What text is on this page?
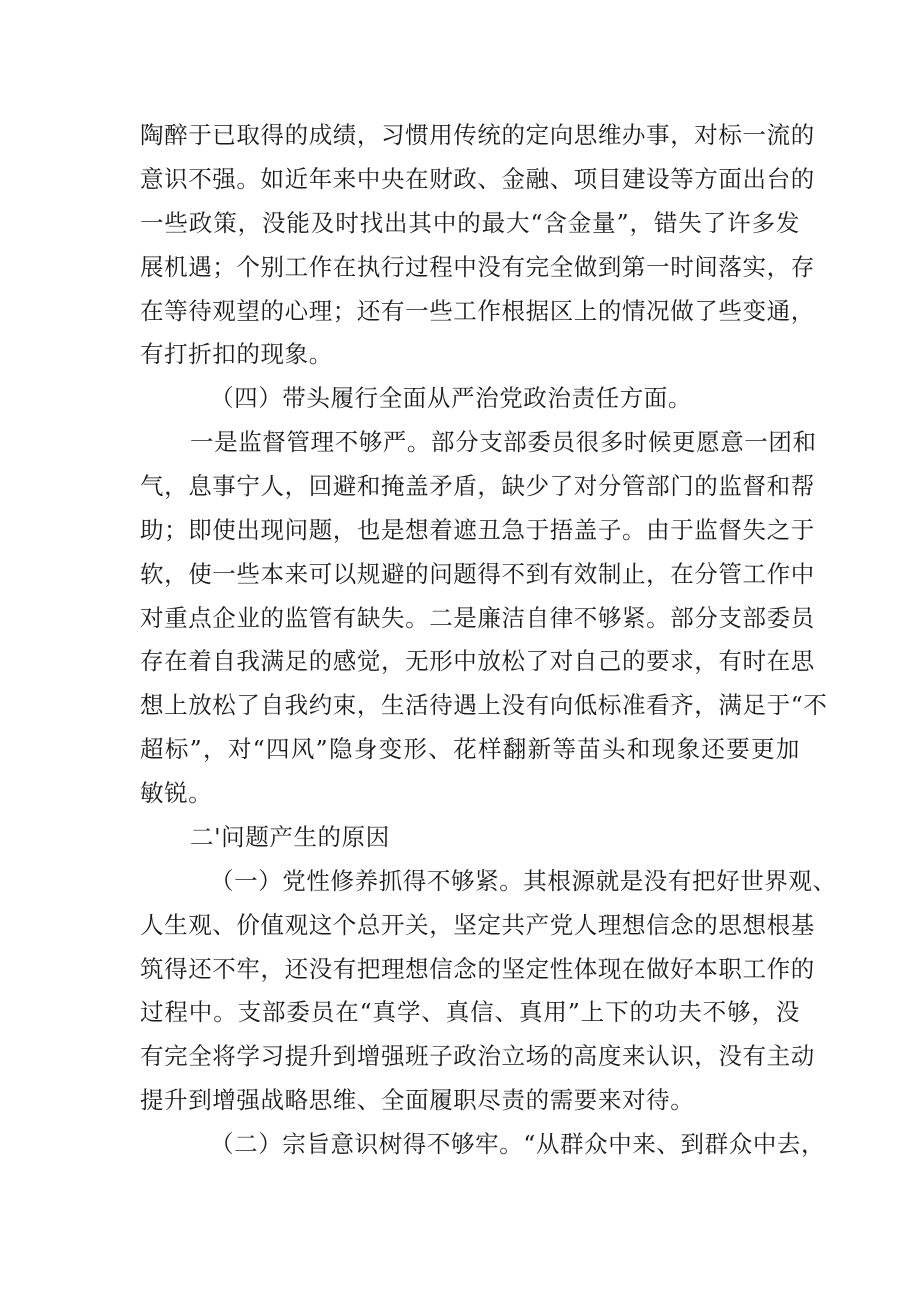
陶醉于已取得的成绩，习惯用传统的定向思维办事，对标一流的
意识不强。如近年来中央在财政、金融、项目建设等方面出台的
一些政策，没能及时找出其中的最大“含金量”，错失了许多发
展机遇；个别工作在执行过程中没有完全做到第一时间落实，存
在等待观望的心理；还有一些工作根据区上的情况做了些变通，
有打折扣的现象。
（四）带头履行全面从严治党政治责任方面。
一是监督管理不够严。部分支部委员很多时候更愿意一团和
气，息事宁人，回避和掩盖矛盾，缺少了对分管部门的监督和帮
助；即使出现问题，也是想着遮丑急于捂盖子。由于监督失之于
软，使一些本来可以规避的问题得不到有效制止，在分管工作中
对重点企业的监管有缺失。二是廉洁自律不够紧。部分支部委员
存在着自我满足的感觉，无形中放松了对自己的要求，有时在思
想上放松了自我约束，生活待遇上没有向低标准看齐，满足于“不
超标”，对“四风”隐身变形、花样翻新等苗头和现象还要更加
敏锐。
二'问题产生的原因
（一）党性修养抓得不够紧。其根源就是没有把好世界观、
人生观、价值观这个总开关，坚定共产党人理想信念的思想根基
筑得还不牢，还没有把理想信念的坚定性体现在做好本职工作的
过程中。支部委员在“真学、真信、真用”上下的功夫不够，没
有完全将学习提升到增强班子政治立场的高度来认识，没有主动
提升到增强战略思维、全面履职尽责的需要来对待。
（二）宗旨意识树得不够牢。“从群众中来、到群众中去，
